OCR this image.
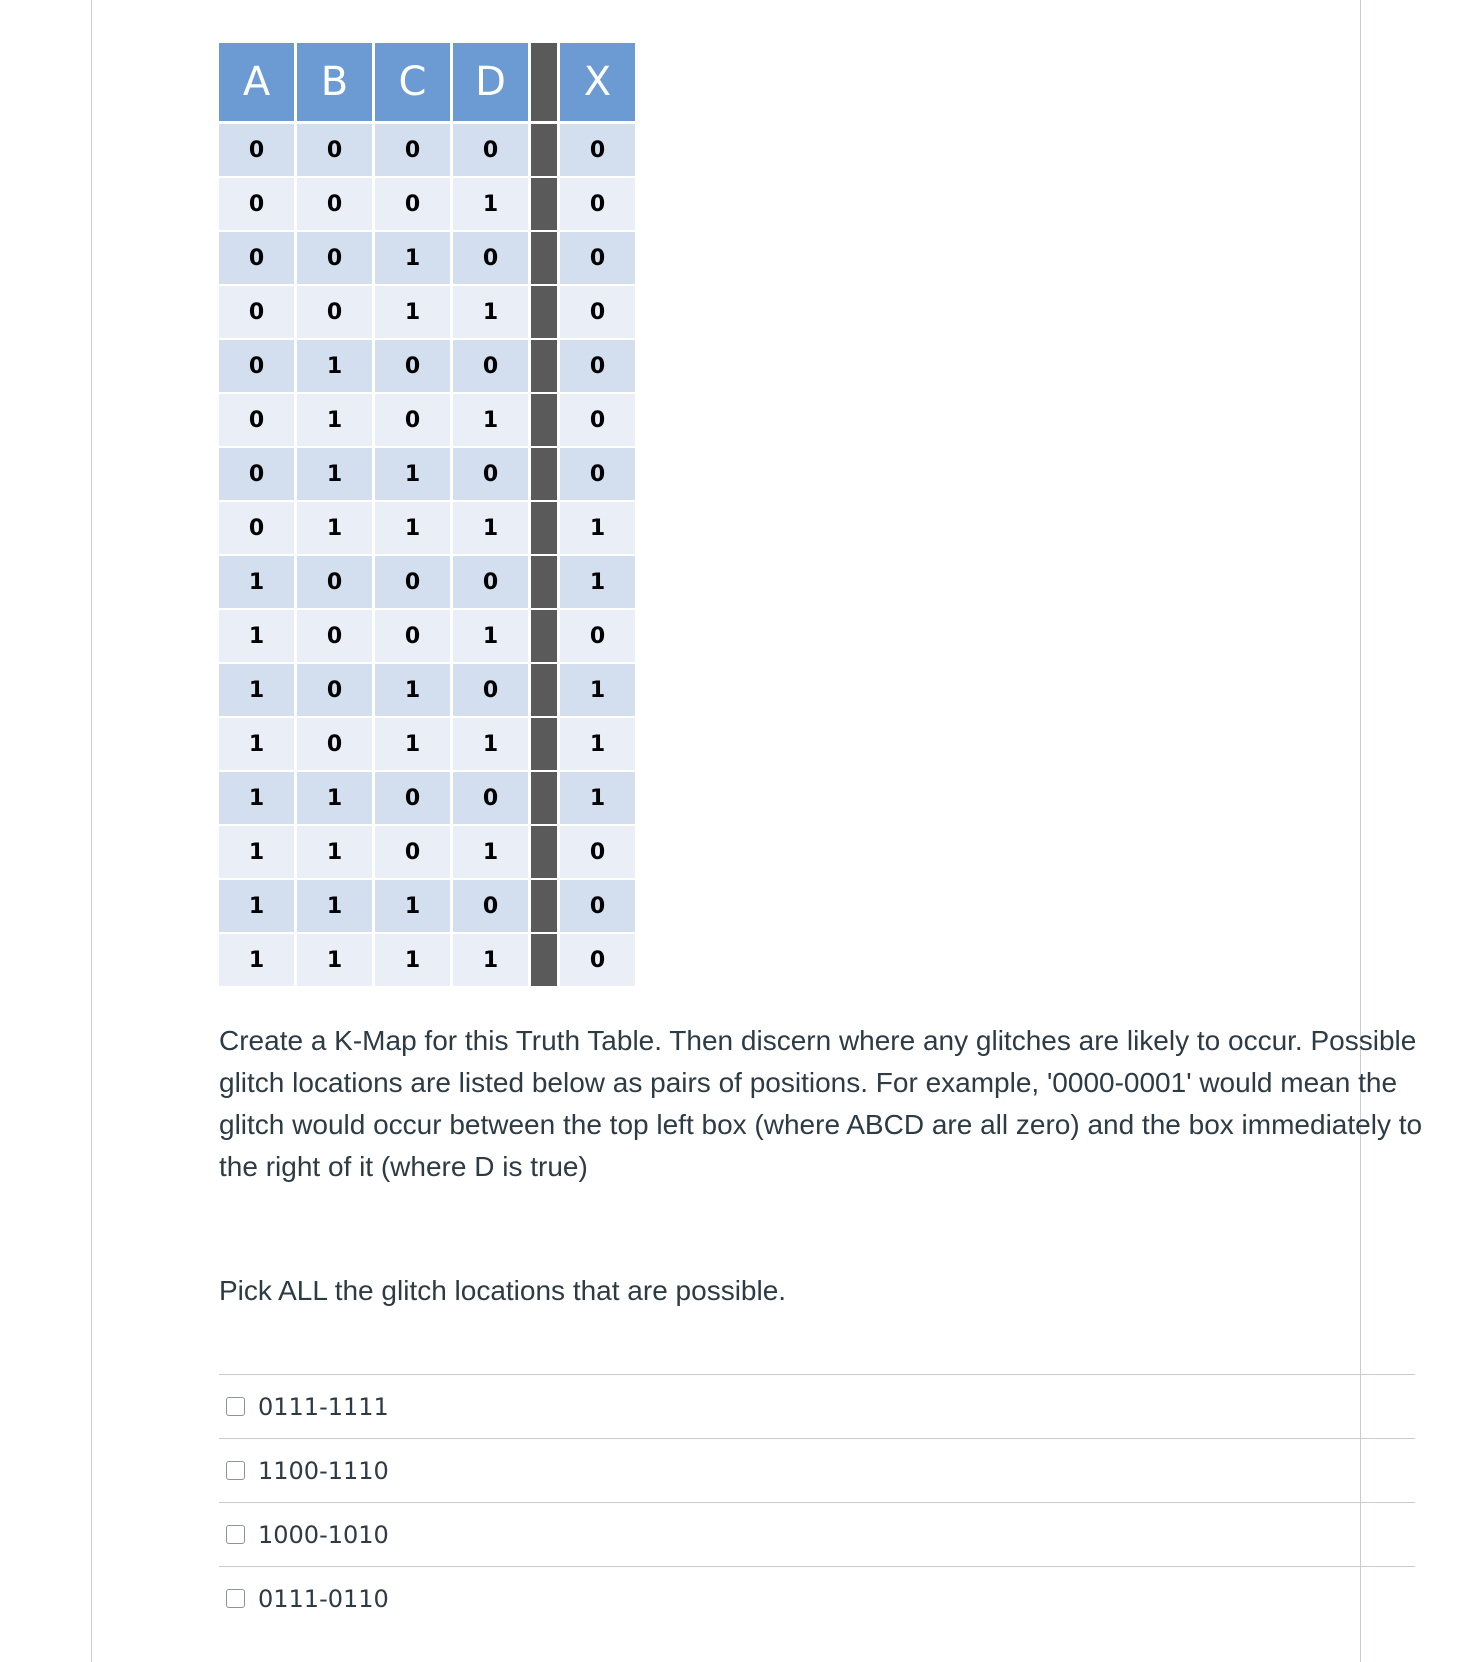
A	B	C	D		X
0	0	0	0		0
0	0	0	1		0
0	0	1	0		0
0	0	1	1		0
0	1	0	0		0
0	1	0	1		0
0	1	1	0		0
0	1	1	1		1
1	0	0	0		1
1	0	0	1		0
1	0	1	0		1
1	0	1	1		1
1	1	0	0		1
1	1	0	1		0
1	1	1	0		0
1	1	1	1		0

Create a K-Map for this Truth Table. Then discern where any glitches are likely to occur. Possible glitch locations are listed below as pairs of positions. For example, '0000-0001' would mean the glitch would occur between the top left box (where ABCD are all zero) and the box immediately to the right of it (where D is true)

Pick ALL the glitch locations that are possible.

0111-1111
1100-1110
1000-1010
0111-0110
